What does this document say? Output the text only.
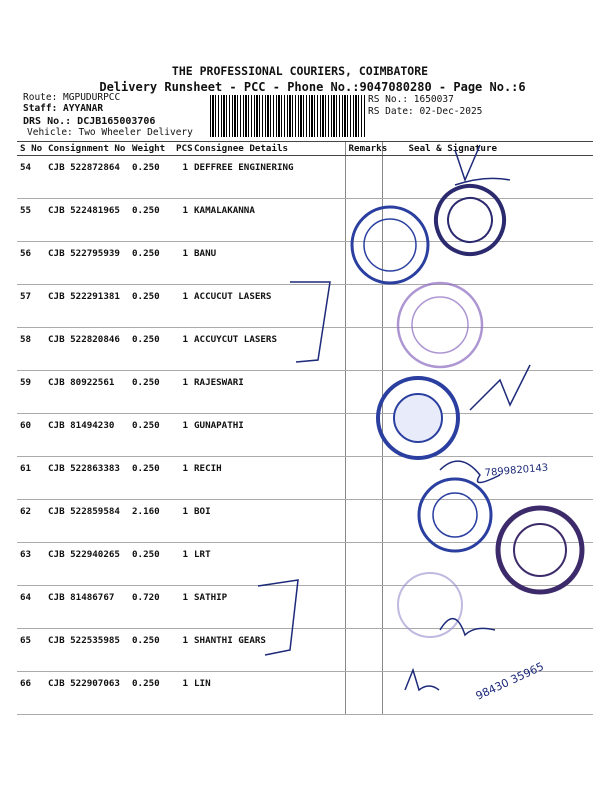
THE PROFESSIONAL COURIERS, COIMBATORE
Delivery Runsheet - PCC - Phone No.:9047080280 - Page No.:6
Route: MGPUDURPCC
Staff: AYYANAR
DRS No.: DCJB165003706
Vehicle: Two Wheeler Delivery
RS No.: 1650037
RS Date: 02-Dec-2025
S No	Consignment No	Weight	PCS	Consignee Details	Remarks	Seal & Signature
54	CJB 522872864	0.250	1	DEFFREE ENGINERING		
55	CJB 522481965	0.250	1	KAMALAKANNA		
56	CJB 522795939	0.250	1	BANU		
57	CJB 522291381	0.250	1	ACCUCUT LASERS		
58	CJB 522820846	0.250	1	ACCUYCUT LASERS		
59	CJB 80922561	0.250	1	RAJESWARI		
60	CJB 81494230	0.250	1	GUNAPATHI		
61	CJB 522863383	0.250	1	RECIH		
62	CJB 522859584	2.160	1	BOI		
63	CJB 522940265	0.250	1	LRT		
64	CJB 81486767	0.720	1	SATHIP		
65	CJB 522535985	0.250	1	SHANTHI GEARS		
66	CJB 522907063	0.250	1	LIN		
7899820143
98430 35965
